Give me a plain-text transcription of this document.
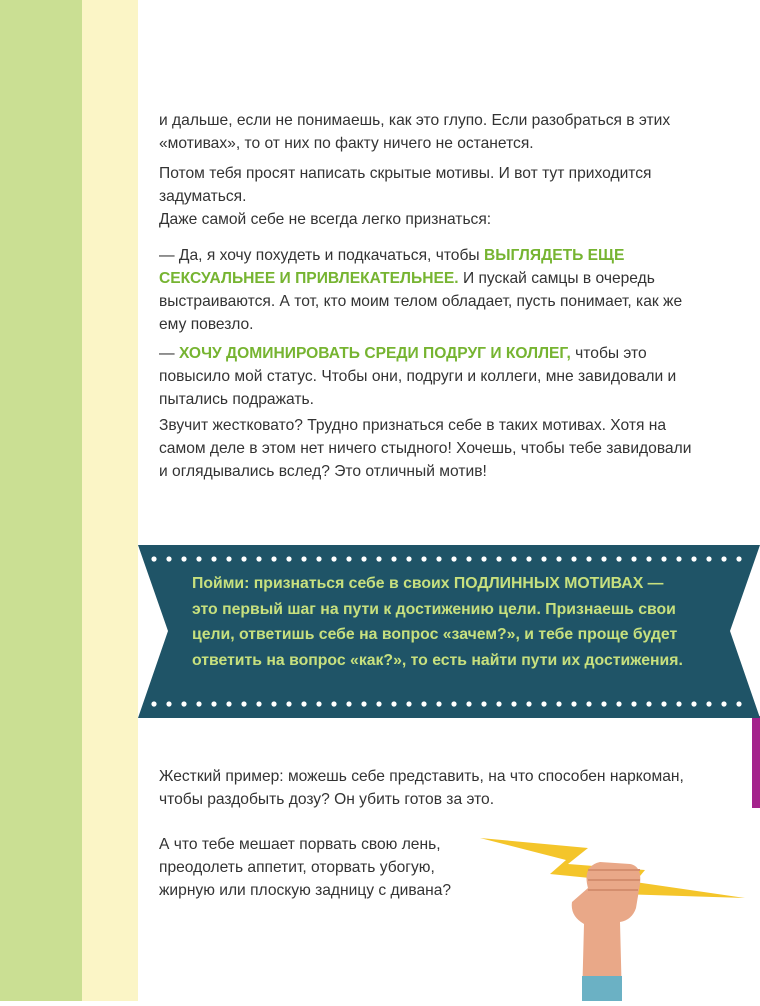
и дальше, если не понимаешь, как это глупо. Если разобраться в этих «мотивах», то от них по факту ничего не останется.

Потом тебя просят написать скрытые мотивы. И вот тут приходится задуматься.

Даже самой себе не всегда легко признаться:

— Да, я хочу похудеть и подкачаться, чтобы ВЫГЛЯДЕТЬ ЕЩЕ СЕКСУАЛЬНЕЕ И ПРИВЛЕКАТЕЛЬНЕЕ. И пускай самцы в очередь выстраиваются. А тот, кто моим телом обладает, пусть понимает, как же ему повезло.

— ХОЧУ ДОМИНИРОВАТЬ СРЕДИ ПОДРУГ И КОЛЛЕГ, чтобы это повысило мой статус. Чтобы они, подруги и коллеги, мне завидовали и пытались подражать.

Звучит жестковато? Трудно признаться себе в таких мотивах. Хотя на самом деле в этом нет ничего стыдного! Хочешь, чтобы тебе завидовали и оглядывались вслед? Это отличный мотив!

Пойми: признаться себе в своих ПОДЛИННЫХ МОТИВАХ — это первый шаг на пути к достижению цели. Признаешь свои цели, ответишь себе на вопрос «зачем?», и тебе проще будет ответить на вопрос «как?», то есть найти пути их достижения.

Жесткий пример: можешь себе представить, на что способен наркоман, чтобы раздобыть дозу? Он убить готов за это.

А что тебе мешает порвать свою лень, преодолеть аппетит, оторвать убогую, жирную или плоскую задницу с дивана?
